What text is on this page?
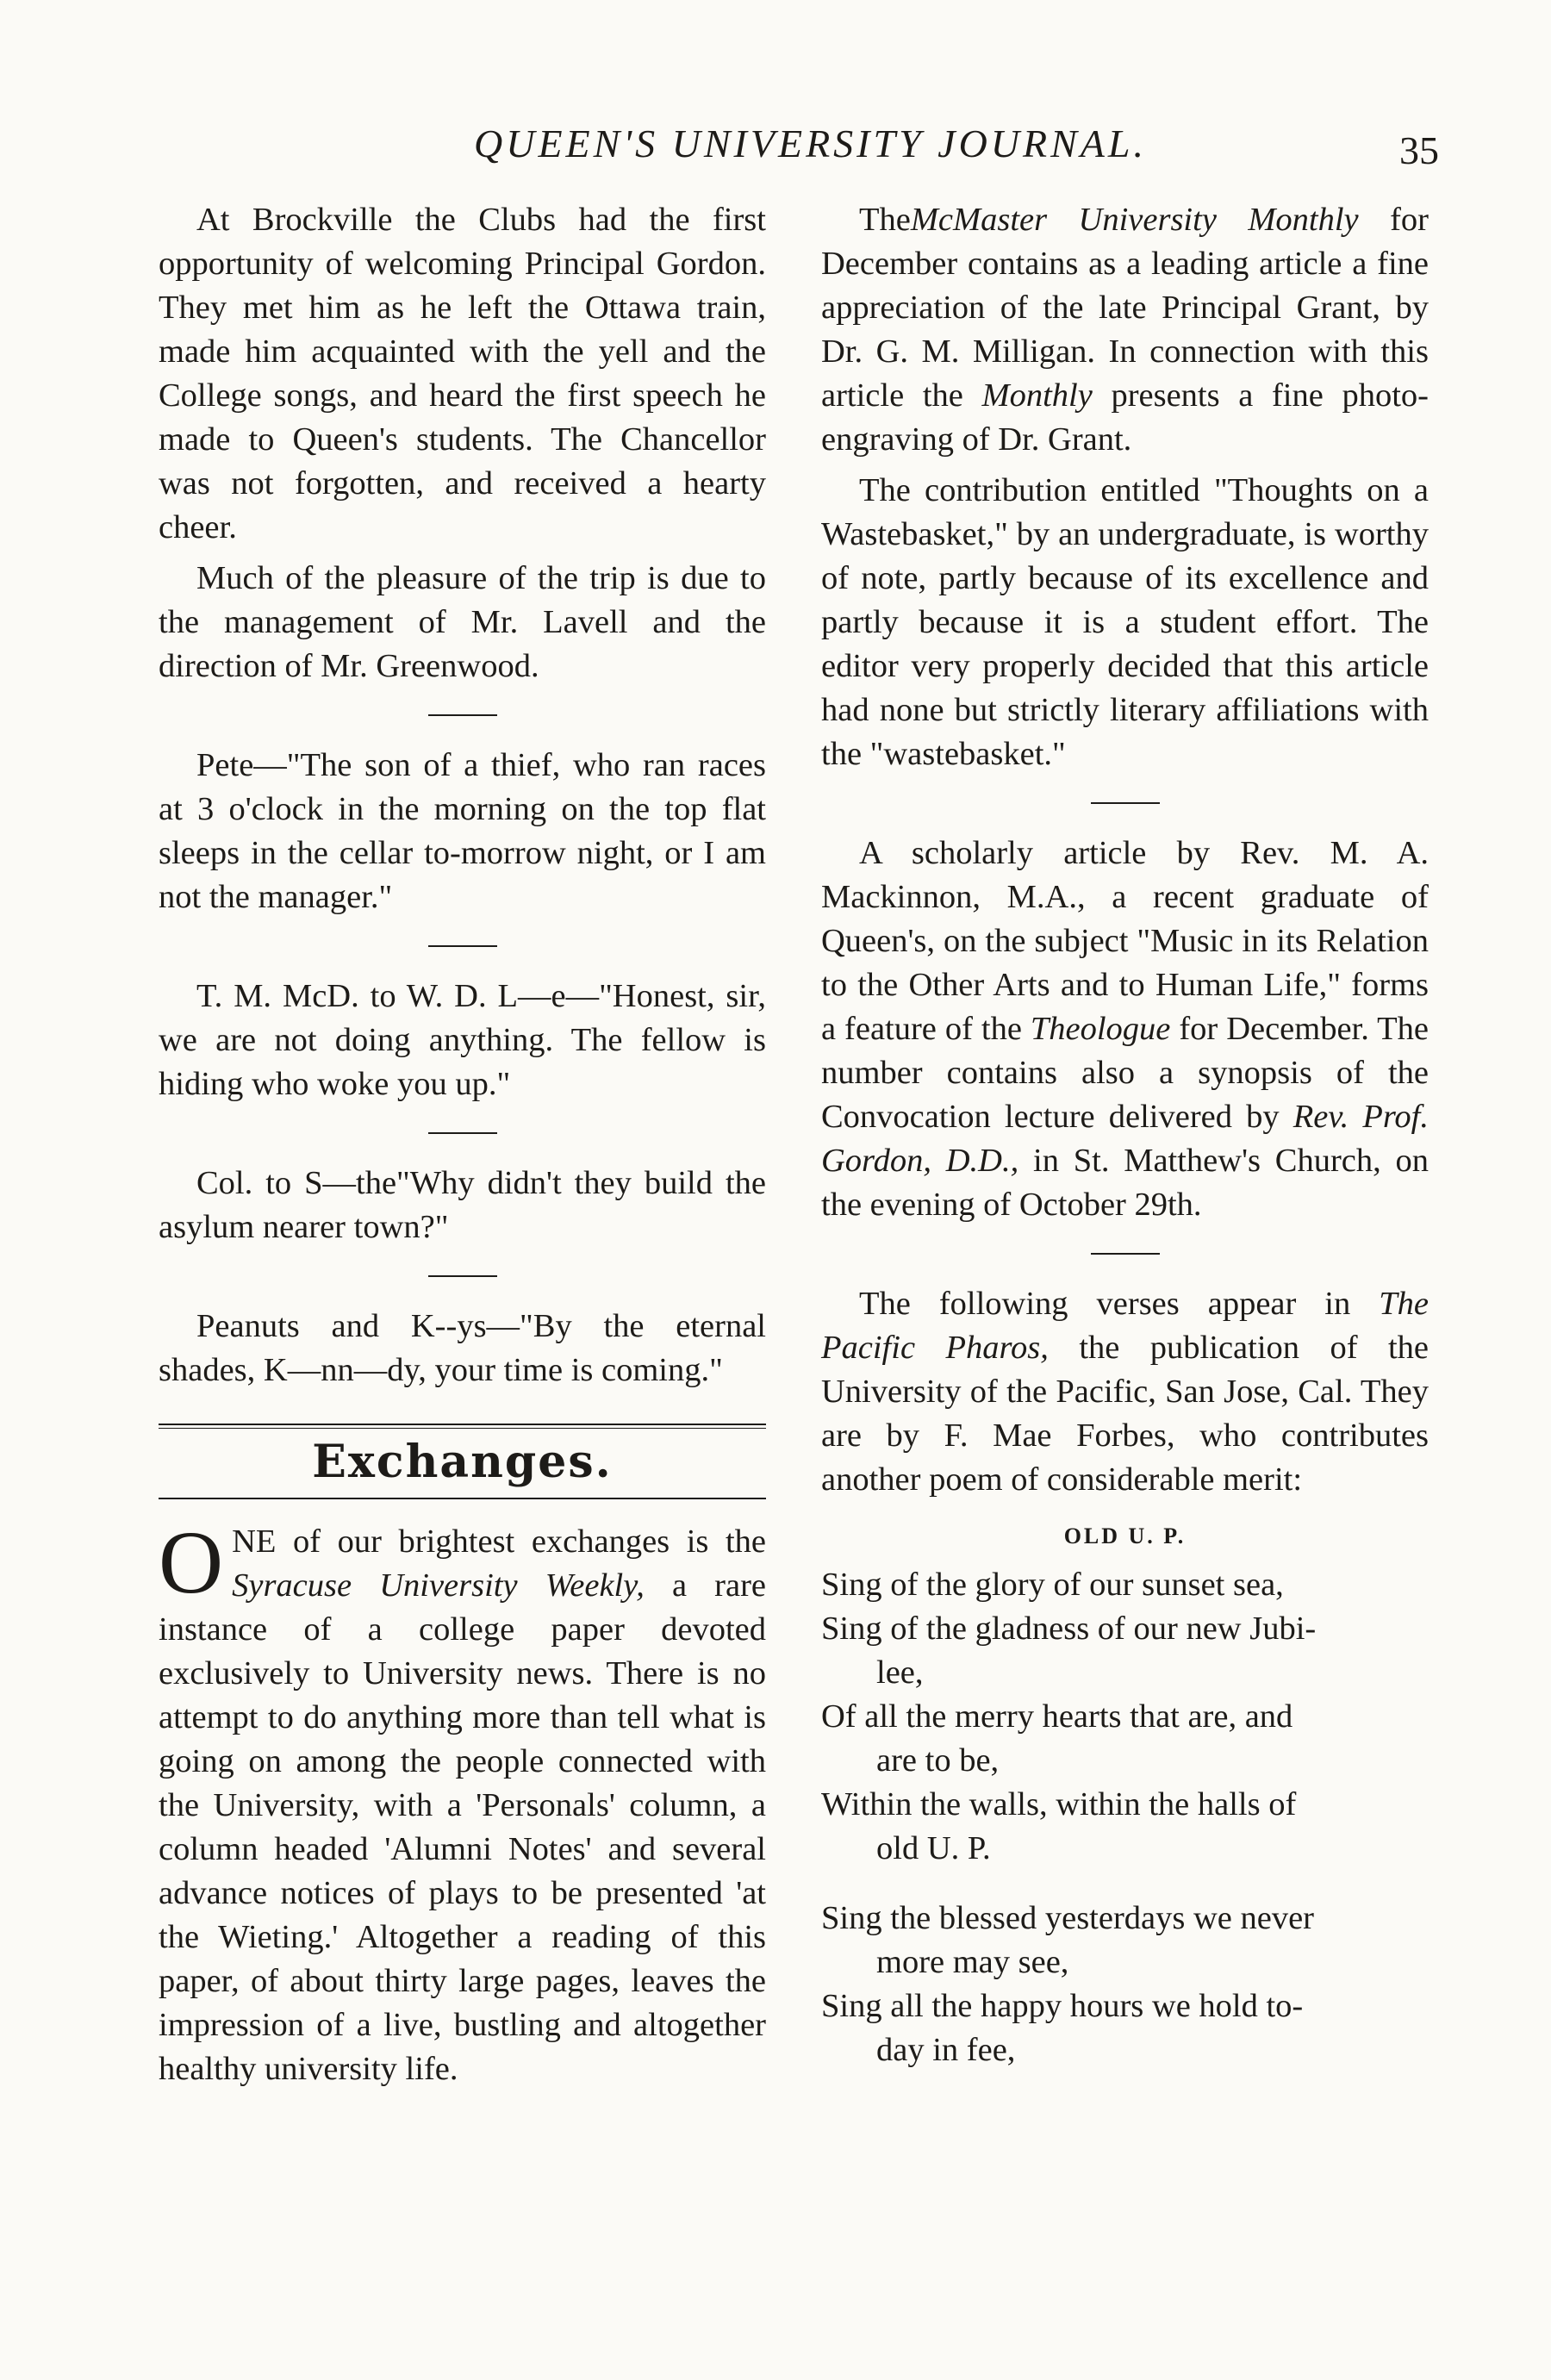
QUEEN'S UNIVERSITY JOURNAL.	35

At Brockville the Clubs had the first opportunity of welcoming Principal Gordon. They met him as he left the Ottawa train, made him acquainted with the yell and the College songs, and heard the first speech he made to Queen's students. The Chancellor was not forgotten, and received a hearty cheer.

Much of the pleasure of the trip is due to the management of Mr. Lavell and the direction of Mr. Greenwood.

Pete—"The son of a thief, who ran races at 3 o'clock in the morning on the top flat sleeps in the cellar to-morrow night, or I am not the manager."

T. M. McD. to W. D. L—e—"Honest, sir, we are not doing anything. The fellow is hiding who woke you up."

Col. to S—the"Why didn't they build the asylum nearer town?"

Peanuts and K--ys—"By the eternal shades, K—nn—dy, your time is coming."

Exchanges.

ONE of our brightest exchanges is the Syracuse University Weekly, a rare instance of a college paper devoted exclusively to University news. There is no attempt to do anything more than tell what is going on among the people connected with the University, with a 'Personals' column, a column headed 'Alumni Notes' and several advance notices of plays to be presented 'at the Wieting.' Altogether a reading of this paper, of about thirty large pages, leaves the impression of a live, bustling and altogether healthy university life.

TheMcMaster University Monthly for December contains as a leading article a fine appreciation of the late Principal Grant, by Dr. G. M. Milligan. In connection with this article the Monthly presents a fine photo-engraving of Dr. Grant.

The contribution entitled "Thoughts on a Wastebasket," by an undergraduate, is worthy of note, partly because of its excellence and partly because it is a student effort. The editor very properly decided that this article had none but strictly literary affiliations with the "wastebasket."

A scholarly article by Rev. M. A. Mackinnon, M.A., a recent graduate of Queen's, on the subject "Music in its Relation to the Other Arts and to Human Life," forms a feature of the Theologue for December. The number contains also a synopsis of the Convocation lecture delivered by Rev. Prof. Gordon, D.D., in St. Matthew's Church, on the evening of October 29th.

The following verses appear in The Pacific Pharos, the publication of the University of the Pacific, San Jose, Cal. They are by F. Mae Forbes, who contributes another poem of considerable merit:

OLD U. P.

Sing of the glory of our sunset sea,

Sing of the gladness of our new Jubi-

lee,

Of all the merry hearts that are, and

are to be,

Within the walls, within the halls of

old U. P.

Sing the blessed yesterdays we never

more may see,

Sing all the happy hours we hold to-

day in fee,
